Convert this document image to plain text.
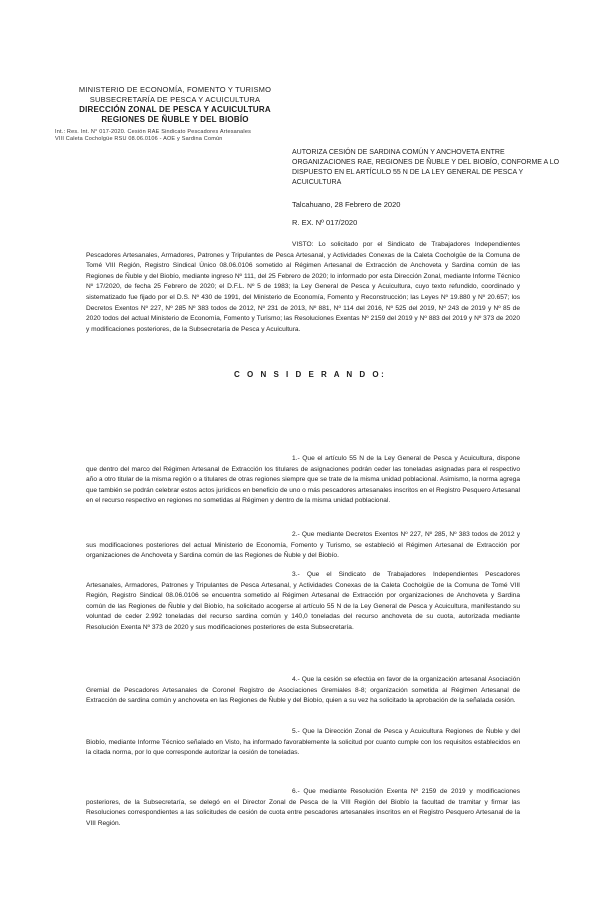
MINISTERIO DE ECONOMÍA, FOMENTO Y TURISMO
SUBSECRETARÍA DE PESCA Y ACUICULTURA
DIRECCIÓN ZONAL DE PESCA Y ACUICULTURA
REGIONES DE ÑUBLE Y DEL BIOBÍO
Int.: Res. Int. N° 017-2020. Cesión RAE Sindicato Pescadores Artesanales
VIII Caleta Cocholgüe RSU 08.06.0106 - AOE y Sardina Común
AUTORIZA CESIÓN DE SARDINA COMÚN Y ANCHOVETA ENTRE ORGANIZACIONES RAE, REGIONES DE ÑUBLE Y DEL BIOBÍO, CONFORME A LO DISPUESTO EN EL ARTÍCULO 55 N DE LA LEY GENERAL DE PESCA Y ACUICULTURA
Talcahuano, 28 Febrero de 2020
R. EX. Nº 017/2020
VISTO: Lo solicitado por el Sindicato de Trabajadores Independientes Pescadores Artesanales, Armadores, Patrones y Tripulantes de Pesca Artesanal, y Actividades Conexas de la Caleta Cocholgüe de la Comuna de Tomé VIII Región, Registro Sindical Único 08.06.0106 sometido al Régimen Artesanal de Extracción de Anchoveta y Sardina común de las Regiones de Ñuble y del Biobío, mediante ingreso Nº 111, del 25 Febrero de 2020; lo informado por esta Dirección Zonal, mediante Informe Técnico Nº 17/2020, de fecha 25 Febrero de 2020; el D.F.L. Nº 5 de 1983; la Ley General de Pesca y Acuicultura, cuyo texto refundido, coordinado y sistematizado fue fijado por el D.S. Nº 430 de 1991, del Ministerio de Economía, Fomento y Reconstrucción; las Leyes Nº 19.880 y Nº 20.657; los Decretos Exentos Nº 227, Nº 285 Nº 383 todos de 2012, Nº 231 de 2013, Nº 881, Nº 114 del 2016, Nº 525 del 2019, Nº 243 de 2019 y Nº 85 de 2020 todos del actual Ministerio de Economía, Fomento y Turismo; las Resoluciones Exentas Nº 2159 del 2019 y Nº 883 del 2019 y Nº 373 de 2020 y modificaciones posteriores, de la Subsecretaría de Pesca y Acuicultura.
C O N S I D E R A N D O:
1.- Que el artículo 55 N de la Ley General de Pesca y Acuicultura, dispone que dentro del marco del Régimen Artesanal de Extracción los titulares de asignaciones podrán ceder las toneladas asignadas para el respectivo año a otro titular de la misma región o a titulares de otras regiones siempre que se trate de la misma unidad poblacional. Asimismo, la norma agrega que también se podrán celebrar estos actos jurídicos en beneficio de uno o más pescadores artesanales inscritos en el Registro Pesquero Artesanal en el recurso respectivo en regiones no sometidas al Régimen y dentro de la misma unidad poblacional.
2.- Que mediante Decretos Exentos Nº 227, Nº 285, Nº 383 todos de 2012 y sus modificaciones posteriores del actual Ministerio de Economía, Fomento y Turismo, se estableció el Régimen Artesanal de Extracción por organizaciones de Anchoveta y Sardina común de las Regiones de Ñuble y del Biobío.
3.- Que el Sindicato de Trabajadores Independientes Pescadores Artesanales, Armadores, Patrones y Tripulantes de Pesca Artesanal, y Actividades Conexas de la Caleta Cocholgüe de la Comuna de Tomé VIII Región, Registro Sindical 08.06.0106 se encuentra sometido al Régimen Artesanal de Extracción por organizaciones de Anchoveta y Sardina común de las Regiones de Ñuble y del Biobío, ha solicitado acogerse al artículo 55 N de la Ley General de Pesca y Acuicultura, manifestando su voluntad de ceder 2.992 toneladas del recurso sardina común y 140,0 toneladas del recurso anchoveta de su cuota, autorizada mediante Resolución Exenta Nº 373 de 2020 y sus modificaciones posteriores de esta Subsecretaría.
4.- Que la cesión se efectúa en favor de la organización artesanal Asociación Gremial de Pescadores Artesanales de Coronel Registro de Asociaciones Gremiales 8-8; organización sometida al Régimen Artesanal de Extracción de sardina común y anchoveta en las Regiones de Ñuble y del Biobío, quien a su vez ha solicitado la aprobación de la señalada cesión.
5.- Que la Dirección Zonal de Pesca y Acuicultura Regiones de Ñuble y del Biobío, mediante Informe Técnico señalado en Visto, ha informado favorablemente la solicitud por cuanto cumple con los requisitos establecidos en la citada norma, por lo que corresponde autorizar la cesión de toneladas.
6.- Que mediante Resolución Exenta Nº 2159 de 2019 y modificaciones posteriores, de la Subsecretaría, se delegó en el Director Zonal de Pesca de la VIII Región del Biobío la facultad de tramitar y firmar las Resoluciones correspondientes a las solicitudes de cesión de cuota entre pescadores artesanales inscritos en el Registro Pesquero Artesanal de la VIII Región.
